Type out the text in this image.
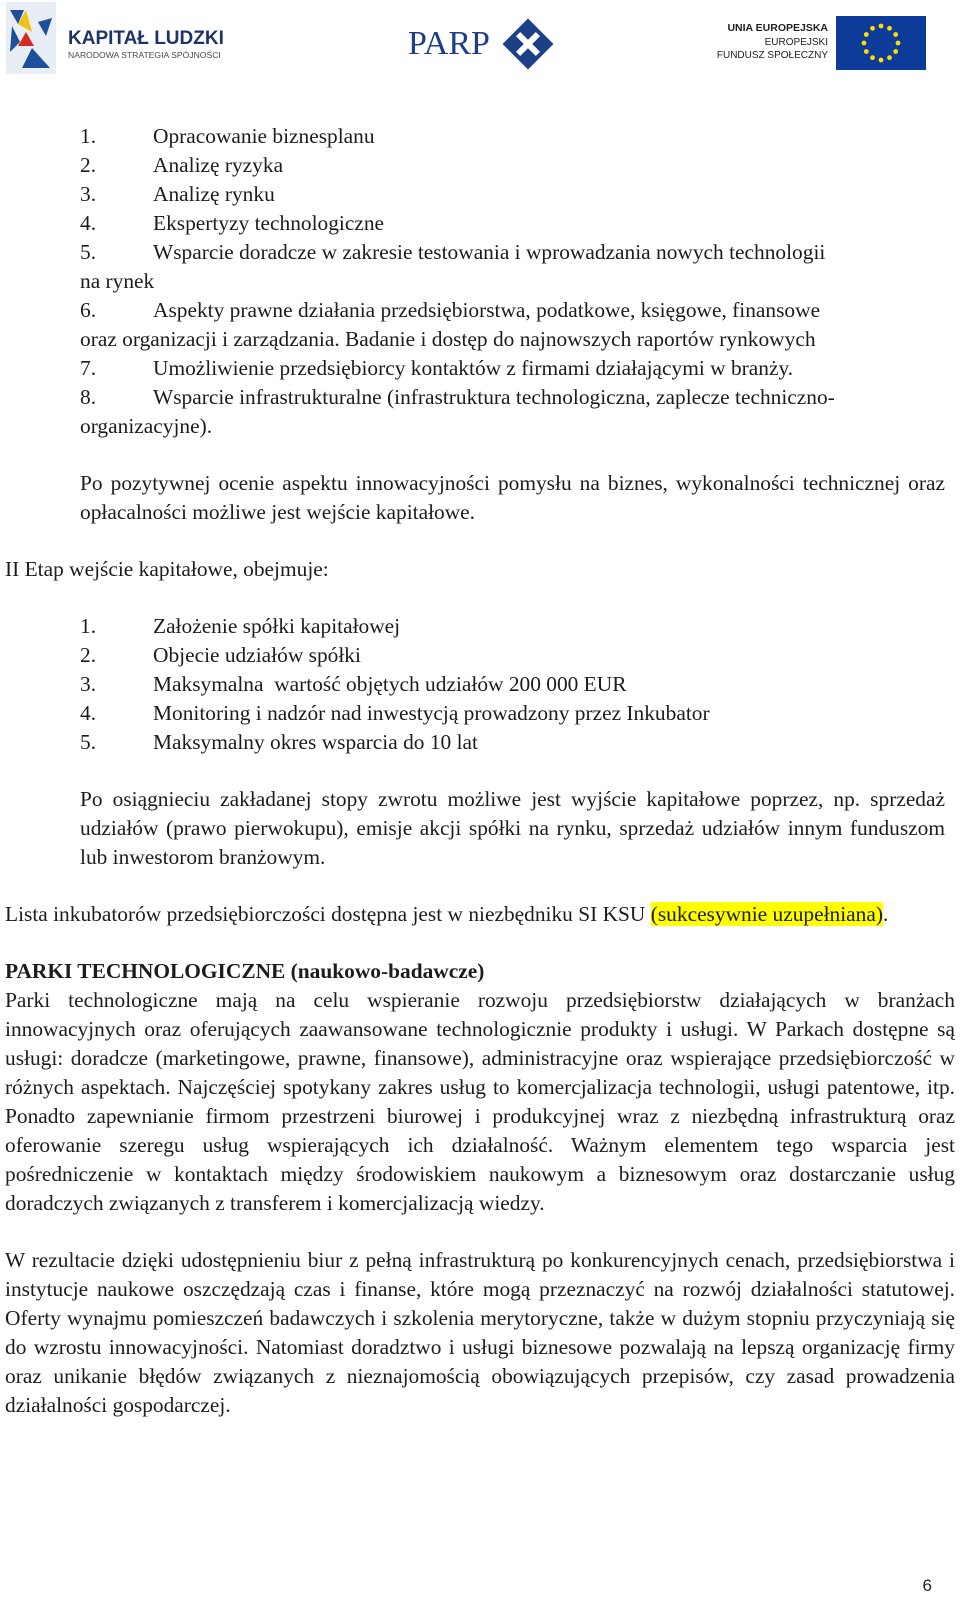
KAPITAŁ LUDZKI
NARODOWA STRATEGIA SPÓJNOŚCI	PARP	UNIA EUROPEJSKA
EUROPEJSKI
FUNDUSZ SPOŁECZNY
1.	Opracowanie biznesplanu
2.	Analizę ryzyka
3.	Analizę rynku
4.	Ekspertyzy technologiczne
5.	Wsparcie doradcze w zakresie testowania i wprowadzania nowych technologii
na rynek
6.	Aspekty prawne działania przedsiębiorstwa, podatkowe, księgowe, finansowe
oraz organizacji i zarządzania. Badanie i dostęp do najnowszych raportów rynkowych
7.	Umożliwienie przedsiębiorcy kontaktów z firmami działającymi w branży.
8.	Wsparcie infrastrukturalne (infrastruktura technologiczna, zaplecze techniczno-
organizacyjne).

Po pozytywnej ocenie aspektu innowacyjności pomysłu na biznes, wykonalności technicznej oraz opłacalności możliwe jest wejście kapitałowe.

II Etap wejście kapitałowe, obejmuje:

1.	Założenie spółki kapitałowej
2.	Objecie udziałów spółki
3.	Maksymalna  wartość objętych udziałów 200 000 EUR
4.	Monitoring i nadzór nad inwestycją prowadzony przez Inkubator
5.	Maksymalny okres wsparcia do 10 lat

Po osiągnieciu zakładanej stopy zwrotu możliwe jest wyjście kapitałowe poprzez, np. sprzedaż udziałów (prawo pierwokupu), emisje akcji spółki na rynku, sprzedaż udziałów innym funduszom lub inwestorom branżowym.

Lista inkubatorów przedsiębiorczości dostępna jest w niezbędniku SI KSU (sukcesywnie uzupełniana).

PARKI TECHNOLOGICZNE (naukowo-badawcze)

Parki technologiczne mają na celu wspieranie rozwoju przedsiębiorstw działających w branżach innowacyjnych oraz oferujących zaawansowane technologicznie produkty i usługi. W Parkach dostępne są usługi: doradcze (marketingowe, prawne, finansowe), administracyjne oraz wspierające przedsiębiorczość w różnych aspektach. Najczęściej spotykany zakres usług to komercjalizacja technologii, usługi patentowe, itp. Ponadto zapewnianie firmom przestrzeni biurowej i produkcyjnej wraz z niezbędną infrastrukturą oraz oferowanie szeregu usług wspierających ich działalność. Ważnym elementem tego wsparcia jest pośredniczenie w kontaktach między środowiskiem naukowym a biznesowym oraz dostarczanie usług doradczych związanych z transferem i komercjalizacją wiedzy.

W rezultacie dzięki udostępnieniu biur z pełną infrastrukturą po konkurencyjnych cenach, przedsiębiorstwa i instytucje naukowe oszczędzają czas i finanse, które mogą przeznaczyć na rozwój działalności statutowej. Oferty wynajmu pomieszczeń badawczych i szkolenia merytoryczne, także w dużym stopniu przyczyniają się do wzrostu innowacyjności. Natomiast doradztwo i usługi biznesowe pozwalają na lepszą organizację firmy oraz unikanie błędów związanych z nieznajomością obowiązujących przepisów, czy zasad prowadzenia działalności gospodarczej.

6
